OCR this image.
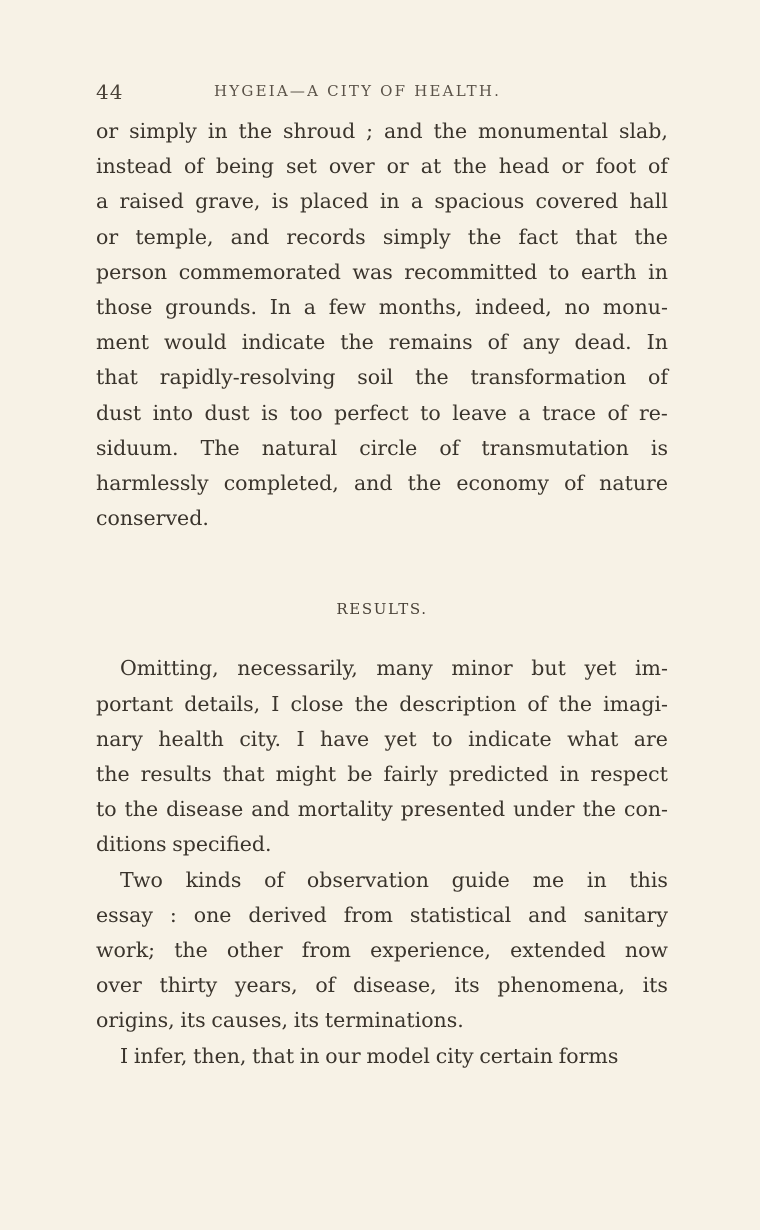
44	HYGEIA—A CITY OF HEALTH.
or simply in the shroud ; and the monumental slab,
instead of being set over or at the head or foot of
a raised grave, is placed in a spacious covered hall
or temple, and records simply the fact that the
person commemorated was recommitted to earth in
those grounds. In a few months, indeed, no monu-
ment would indicate the remains of any dead. In
that rapidly-resolving soil the transformation of
dust into dust is too perfect to leave a trace of re-
siduum. The natural circle of transmutation is
harmlessly completed, and the economy of nature
conserved.
RESULTS.
Omitting, necessarily, many minor but yet im-
portant details, I close the description of the imagi-
nary health city. I have yet to indicate what are
the results that might be fairly predicted in respect
to the disease and mortality presented under the con-
ditions specified.
Two kinds of observation guide me in this
essay : one derived from statistical and sanitary
work; the other from experience, extended now
over thirty years, of disease, its phenomena, its
origins, its causes, its terminations.
I infer, then, that in our model city certain forms
